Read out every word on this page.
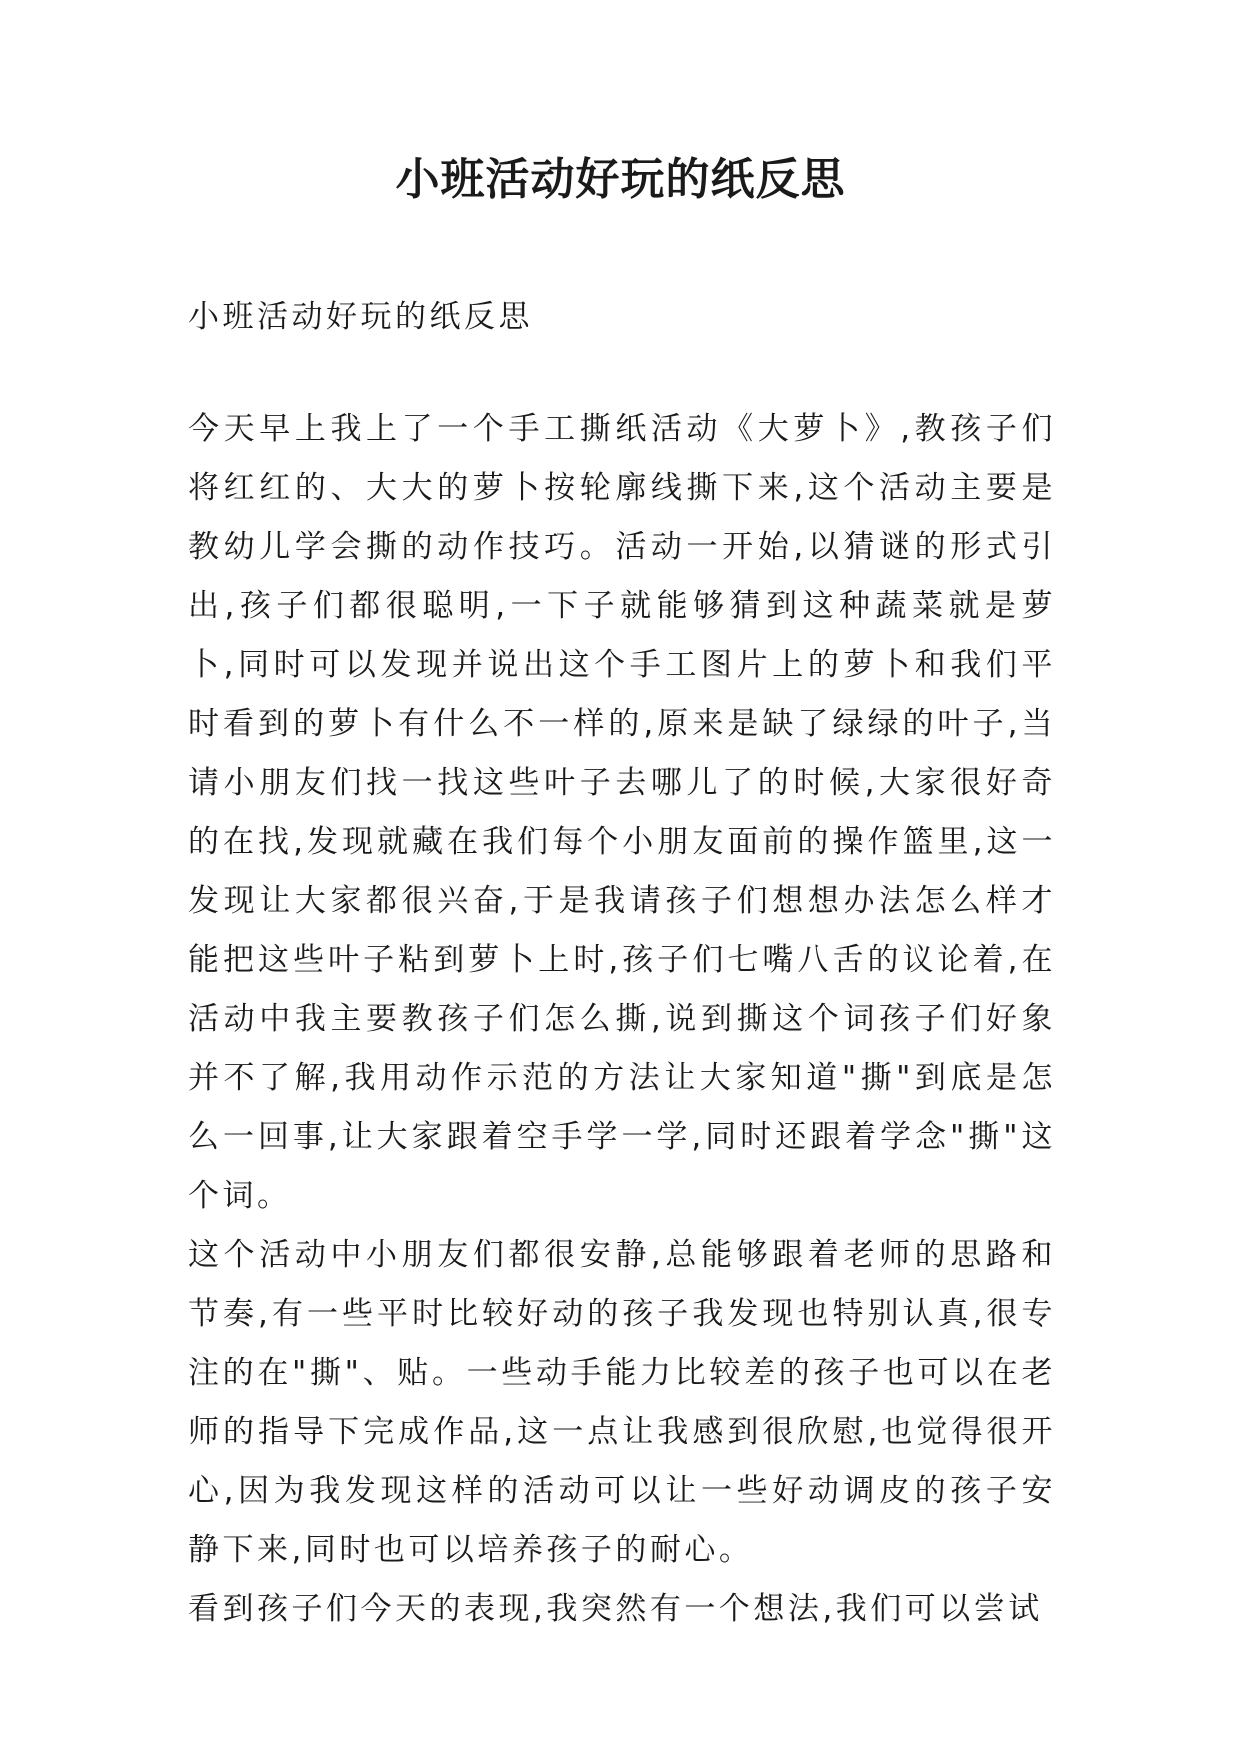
小班活动好玩的纸反思
小班活动好玩的纸反思

今天早上我上了一个手工撕纸活动《大萝卜》,教孩子们将红红的、大大的萝卜按轮廓线撕下来,这个活动主要是教幼儿学会撕的动作技巧。活动一开始,以猜谜的形式引出,孩子们都很聪明,一下子就能够猜到这种蔬菜就是萝卜,同时可以发现并说出这个手工图片上的萝卜和我们平时看到的萝卜有什么不一样的,原来是缺了绿绿的叶子,当请小朋友们找一找这些叶子去哪儿了的时候,大家很好奇的在找,发现就藏在我们每个小朋友面前的操作篮里,这一发现让大家都很兴奋,于是我请孩子们想想办法怎么样才能把这些叶子粘到萝卜上时,孩子们七嘴八舌的议论着,在活动中我主要教孩子们怎么撕,说到撕这个词孩子们好象并不了解,我用动作示范的方法让大家知道"撕"到底是怎么一回事,让大家跟着空手学一学,同时还跟着学念"撕"这个词。

这个活动中小朋友们都很安静,总能够跟着老师的思路和节奏,有一些平时比较好动的孩子我发现也特别认真,很专注的在"撕"、贴。一些动手能力比较差的孩子也可以在老师的指导下完成作品,这一点让我感到很欣慰,也觉得很开心,因为我发现这样的活动可以让一些好动调皮的孩子安静下来,同时也可以培养孩子的耐心。

看到孩子们今天的表现,我突然有一个想法,我们可以尝试
